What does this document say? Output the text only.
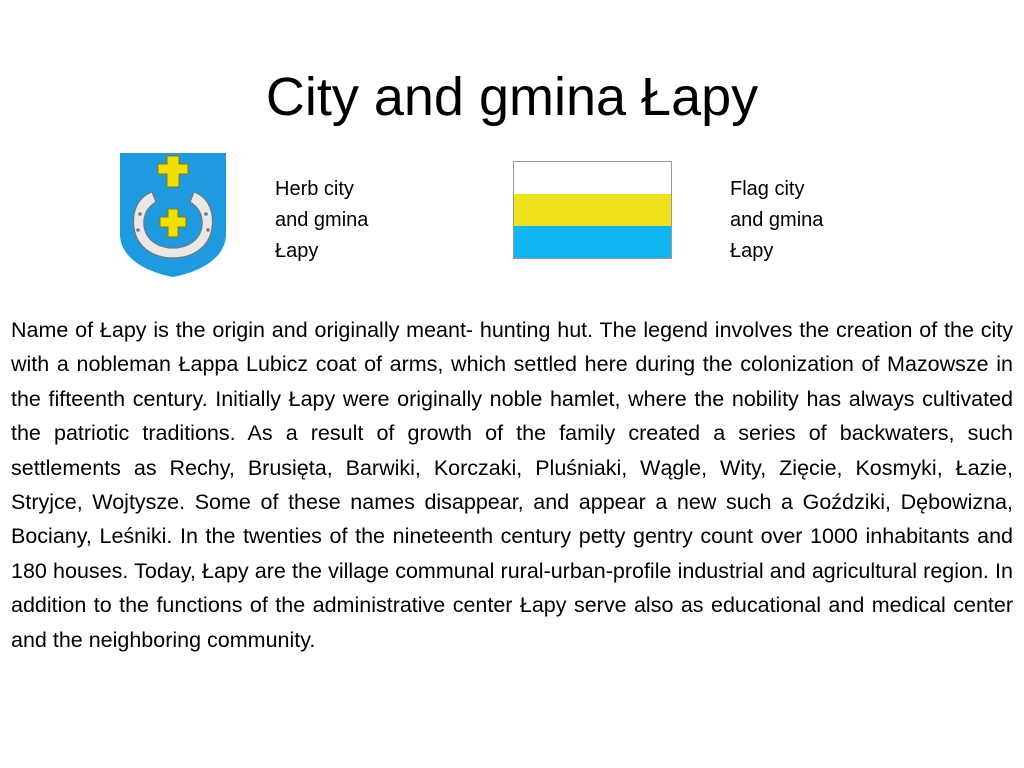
City and gmina Łapy
Herb city
and gmina
Łapy
Flag city
and gmina
Łapy
Name of Łapy is the origin and originally meant- hunting hut. The legend involves the creation of the city with a nobleman Łappa Lubicz coat of arms, which settled here during the colonization of Mazowsze in the fifteenth century. Initially Łapy were originally noble hamlet, where the nobility has always cultivated the patriotic traditions. As a result of growth of the family created a series of backwaters, such settlements as Rechy, Brusięta, Barwiki, Korczaki, Pluśniaki, Wągle, Wity, Zięcie, Kosmyki, Łazie, Stryjce, Wojtysze. Some of these names disappear, and appear a new such a Goździki, Dębowizna, Bociany, Leśniki. In the twenties of the nineteenth century petty gentry count over 1000 inhabitants and 180 houses. Today, Łapy are the village communal rural-urban-profile industrial and agricultural region. In addition to the functions of the administrative center Łapy serve also as educational and medical center and the neighboring community.
